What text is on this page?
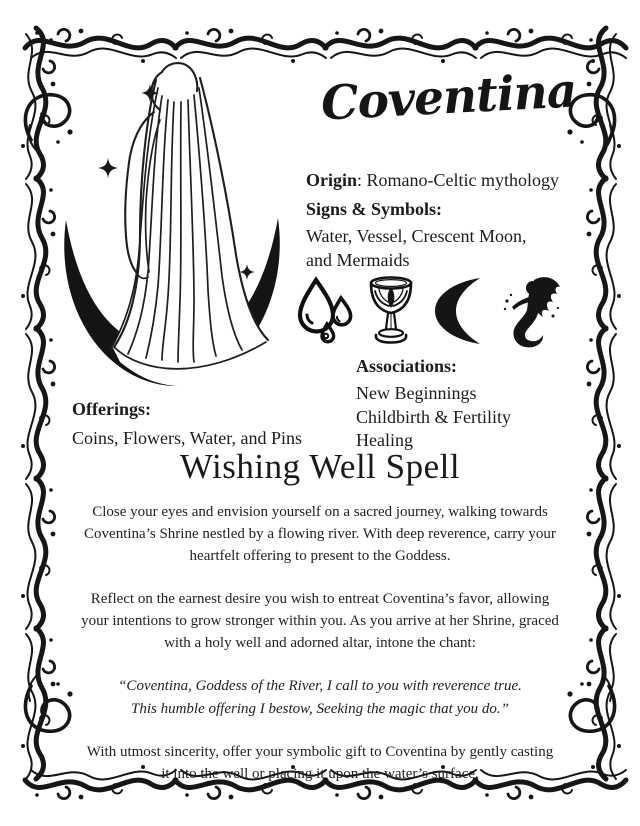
Coventina
Origin: Romano-Celtic mythology
Signs & Symbols:
Water, Vessel, Crescent Moon,
and Mermaids
Associations:
New Beginnings
Childbirth & Fertility
Healing
Offerings:
Coins, Flowers, Water, and Pins
Wishing Well Spell

Close your eyes and envision yourself on a sacred journey, walking towards Coventina’s Shrine nestled by a flowing river. With deep reverence, carry your heartfelt offering to present to the Goddess.

Reflect on the earnest desire you wish to entreat Coventina’s favor, allowing your intentions to grow stronger within you. As you arrive at her Shrine, graced with a holy well and adorned altar, intone the chant:

“Coventina, Goddess of the River, I call to you with reverence true.
This humble offering I bestow, Seeking the magic that you do.”

With utmost sincerity, offer your symbolic gift to Coventina by gently casting it into the well or placing it upon the water’s surface.
